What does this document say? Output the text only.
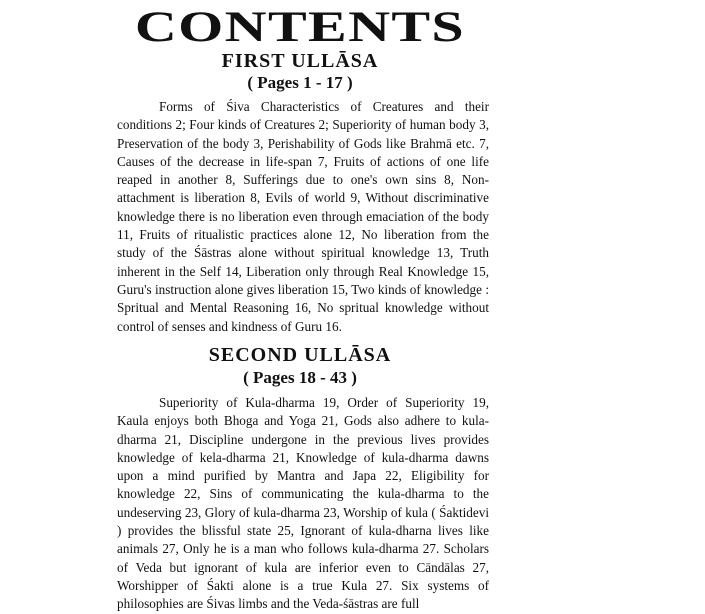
CONTENTS
FIRST ULLĀSA
( Pages 1 - 17 )

Forms of Śiva Characteristics of Creatures and their conditions 2; Four kinds of Creatures 2; Superiority of human body 3, Preservation of the body 3, Perishability of Gods like Brahmā etc. 7, Causes of the decrease in life-span 7, Fruits of actions of one life reaped in another 8, Sufferings due to one's own sins 8, Non-attachment is liberation 8, Evils of world 9, Without discriminative knowledge there is no liberation even through emaciation of the body 11, Fruits of ritualistic practices alone 12, No liberation from the study of the Śāstras alone without spiritual knowledge 13, Truth inherent in the Self 14, Liberation only through Real Knowledge 15, Guru's instruction alone gives liberation 15, Two kinds of knowledge : Spritual and Mental Reasoning 16, No spritual knowledge without control of senses and kindness of Guru 16.

SECOND ULLĀSA
( Pages 18 - 43 )

Superiority of Kula-dharma 19, Order of Superiority 19, Kaula enjoys both Bhoga and Yoga 21, Gods also adhere to kula-dharma 21, Discipline undergone in the previous lives provides knowledge of kela-dharma 21, Knowledge of kula-dharma dawns upon a mind purified by Mantra and Japa 22, Eligibility for knowledge 22, Sins of communicating the kula-dharma to the undeserving 23, Glory of kula-dharma 23, Worship of kula ( Śaktidevi ) provides the blissful state 25, Ignorant of kula-dharna lives like animals 27, Only he is a man who follows kula-dharma 27. Scholars of Veda but ignorant of kula are inferior even to Cāndālas 27, Worshipper of Śakti alone is a true Kula 27. Six systems of philosophies are Śivas limbs and the Veda-śāstras are full
